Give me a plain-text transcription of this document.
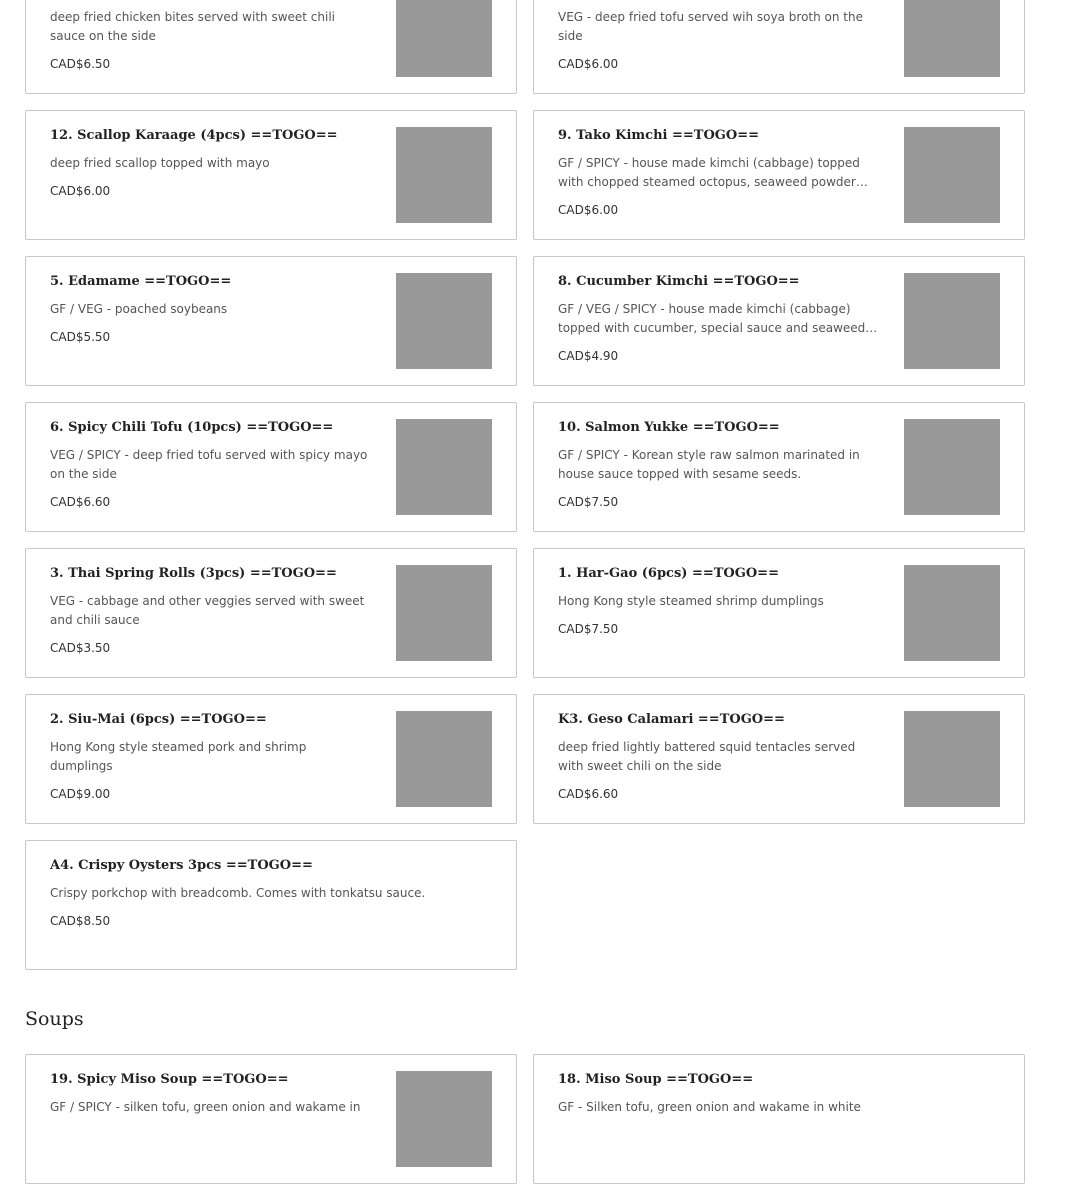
deep fried chicken bites served with sweet chili sauce on the side
CAD$6.50
VEG - deep fried tofu served wih soya broth on the side
CAD$6.00
12. Scallop Karaage (4pcs) ==TOGO==
deep fried scallop topped with mayo
CAD$6.00
9. Tako Kimchi ==TOGO==
GF / SPICY - house made kimchi (cabbage) topped with chopped steamed octopus, seaweed powder
CAD$6.00
5. Edamame ==TOGO==
GF / VEG - poached soybeans
CAD$5.50
8. Cucumber Kimchi ==TOGO==
GF / VEG / SPICY - house made kimchi (cabbage) topped with cucumber, special sauce and seaweed
CAD$4.90
6. Spicy Chili Tofu (10pcs) ==TOGO==
VEG / SPICY - deep fried tofu served with spicy mayo on the side
CAD$6.60
10. Salmon Yukke ==TOGO==
GF / SPICY - Korean style raw salmon marinated in house sauce topped with sesame seeds.
CAD$7.50
3. Thai Spring Rolls (3pcs) ==TOGO==
VEG - cabbage and other veggies served with sweet and chili sauce
CAD$3.50
1. Har-Gao (6pcs) ==TOGO==
Hong Kong style steamed shrimp dumplings
CAD$7.50
2. Siu-Mai (6pcs) ==TOGO==
Hong Kong style steamed pork and shrimp dumplings
CAD$9.00
K3. Geso Calamari ==TOGO==
deep fried lightly battered squid tentacles served with sweet chili on the side
CAD$6.60
A4. Crispy Oysters 3pcs ==TOGO==
Crispy porkchop with breadcomb. Comes with tonkatsu sauce.
CAD$8.50
Soups
19. Spicy Miso Soup ==TOGO==
GF / SPICY - silken tofu, green onion and wakame in
18. Miso Soup ==TOGO==
GF - Silken tofu, green onion and wakame in white
